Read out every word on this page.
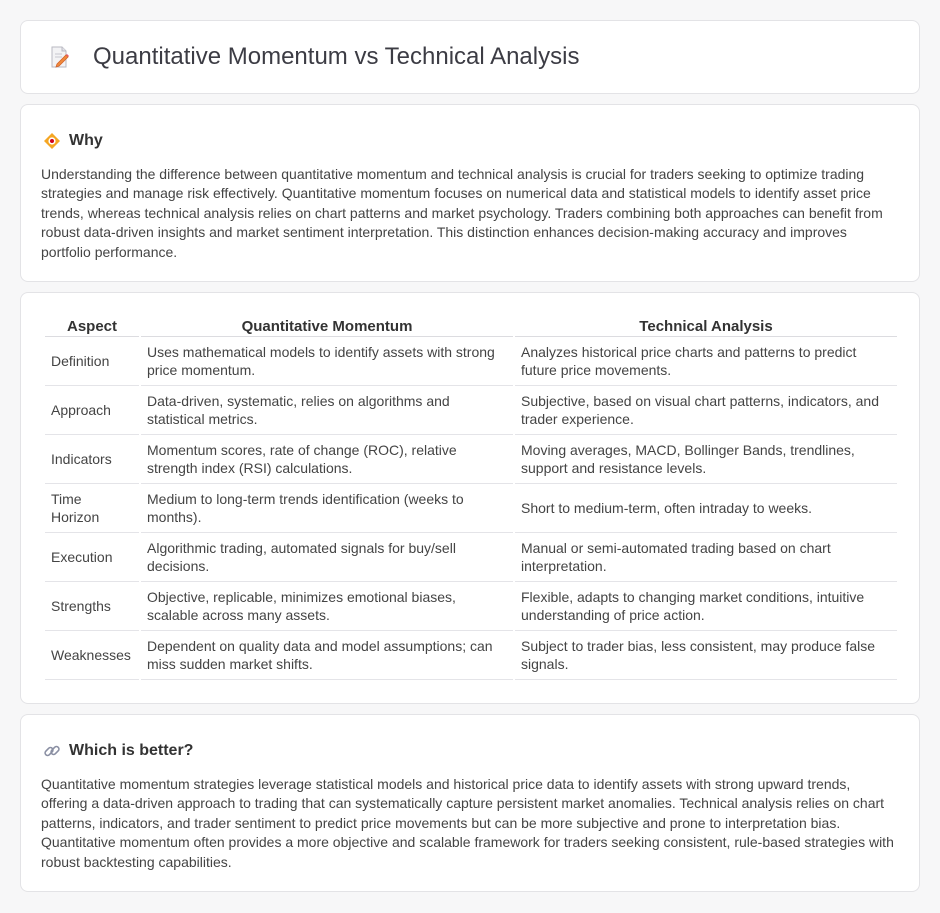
Quantitative Momentum vs Technical Analysis
Why

Understanding the difference between quantitative momentum and technical analysis is crucial for traders seeking to optimize trading strategies and manage risk effectively. Quantitative momentum focuses on numerical data and statistical models to identify asset price trends, whereas technical analysis relies on chart patterns and market psychology. Traders combining both approaches can benefit from robust data-driven insights and market sentiment interpretation. This distinction enhances decision-making accuracy and improves portfolio performance.

Aspect	Quantitative Momentum	Technical Analysis
Definition	Uses mathematical models to identify assets with strong price momentum.	Analyzes historical price charts and patterns to predict future price movements.
Approach	Data-driven, systematic, relies on algorithms and statistical metrics.	Subjective, based on visual chart patterns, indicators, and trader experience.
Indicators	Momentum scores, rate of change (ROC), relative strength index (RSI) calculations.	Moving averages, MACD, Bollinger Bands, trendlines, support and resistance levels.
Time Horizon	Medium to long-term trends identification (weeks to months).	Short to medium-term, often intraday to weeks.
Execution	Algorithmic trading, automated signals for buy/sell decisions.	Manual or semi-automated trading based on chart interpretation.
Strengths	Objective, replicable, minimizes emotional biases, scalable across many assets.	Flexible, adapts to changing market conditions, intuitive understanding of price action.
Weaknesses	Dependent on quality data and model assumptions; can miss sudden market shifts.	Subject to trader bias, less consistent, may produce false signals.
Which is better?

Quantitative momentum strategies leverage statistical models and historical price data to identify assets with strong upward trends, offering a data-driven approach to trading that can systematically capture persistent market anomalies. Technical analysis relies on chart patterns, indicators, and trader sentiment to predict price movements but can be more subjective and prone to interpretation bias. Quantitative momentum often provides a more objective and scalable framework for traders seeking consistent, rule-based strategies with robust backtesting capabilities.
